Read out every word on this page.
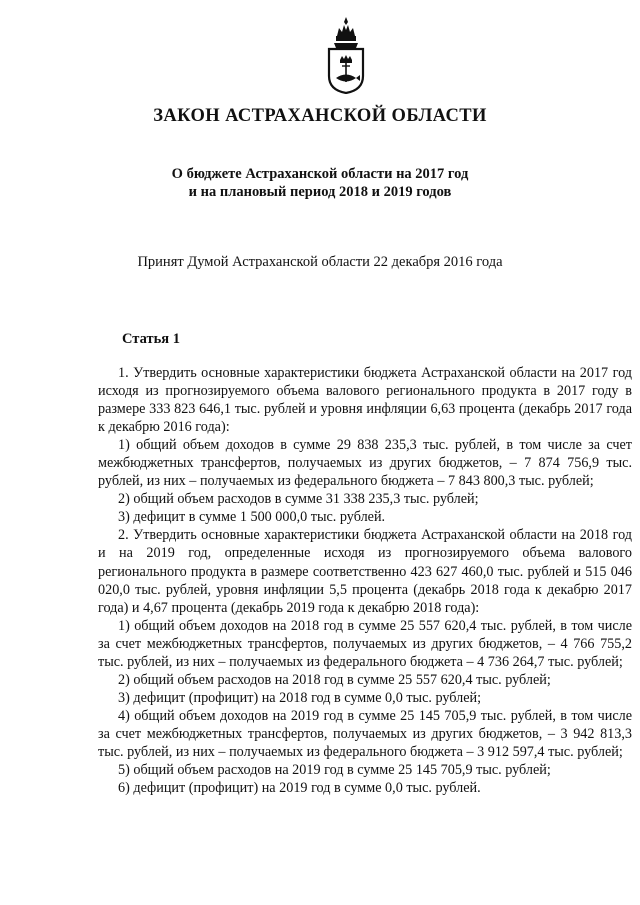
ЗАКОН АСТРАХАНСКОЙ ОБЛАСТИ
О бюджете Астраханской области на 2017 год
и на плановый период 2018 и 2019 годов
Принят Думой Астраханской области 22 декабря 2016 года
Статья 1

1. Утвердить основные характеристики бюджета Астраханской области на 2017 год исходя из прогнозируемого объема валового регионального продукта в 2017 году в размере 333 823 646,1 тыс. рублей и уровня инфляции 6,63 процента (декабрь 2017 года к декабрю 2016 года):

1) общий объем доходов в сумме 29 838 235,3 тыс. рублей, в том числе за счет межбюджетных трансфертов, получаемых из других бюджетов, – 7 874 756,9 тыс. рублей, из них – получаемых из федерального бюджета – 7 843 800,3 тыс. рублей;

2) общий объем расходов в сумме 31 338 235,3 тыс. рублей;

3) дефицит в сумме 1 500 000,0 тыс. рублей.

2. Утвердить основные характеристики бюджета Астраханской области на 2018 год и на 2019 год, определенные исходя из прогнозируемого объема валового регионального продукта в размере соответственно 423 627 460,0 тыс. рублей и 515 046 020,0 тыс. рублей, уровня инфляции 5,5 процента (декабрь 2018 года к декабрю 2017 года) и 4,67 процента (декабрь 2019 года к декабрю 2018 года):

1) общий объем доходов на 2018 год в сумме 25 557 620,4 тыс. рублей, в том числе за счет межбюджетных трансфертов, получаемых из других бюджетов, – 4 766 755,2 тыс. рублей, из них – получаемых из федерального бюджета – 4 736 264,7 тыс. рублей;

2) общий объем расходов на 2018 год в сумме 25 557 620,4 тыс. рублей;

3) дефицит (профицит) на 2018 год в сумме 0,0 тыс. рублей;

4) общий объем доходов на 2019 год в сумме 25 145 705,9 тыс. рублей, в том числе за счет межбюджетных трансфертов, получаемых из других бюджетов, – 3 942 813,3 тыс. рублей, из них – получаемых из федерального бюджета – 3 912 597,4 тыс. рублей;

5) общий объем расходов на 2019 год в сумме 25 145 705,9 тыс. рублей;

6) дефицит (профицит) на 2019 год в сумме 0,0 тыс. рублей.
